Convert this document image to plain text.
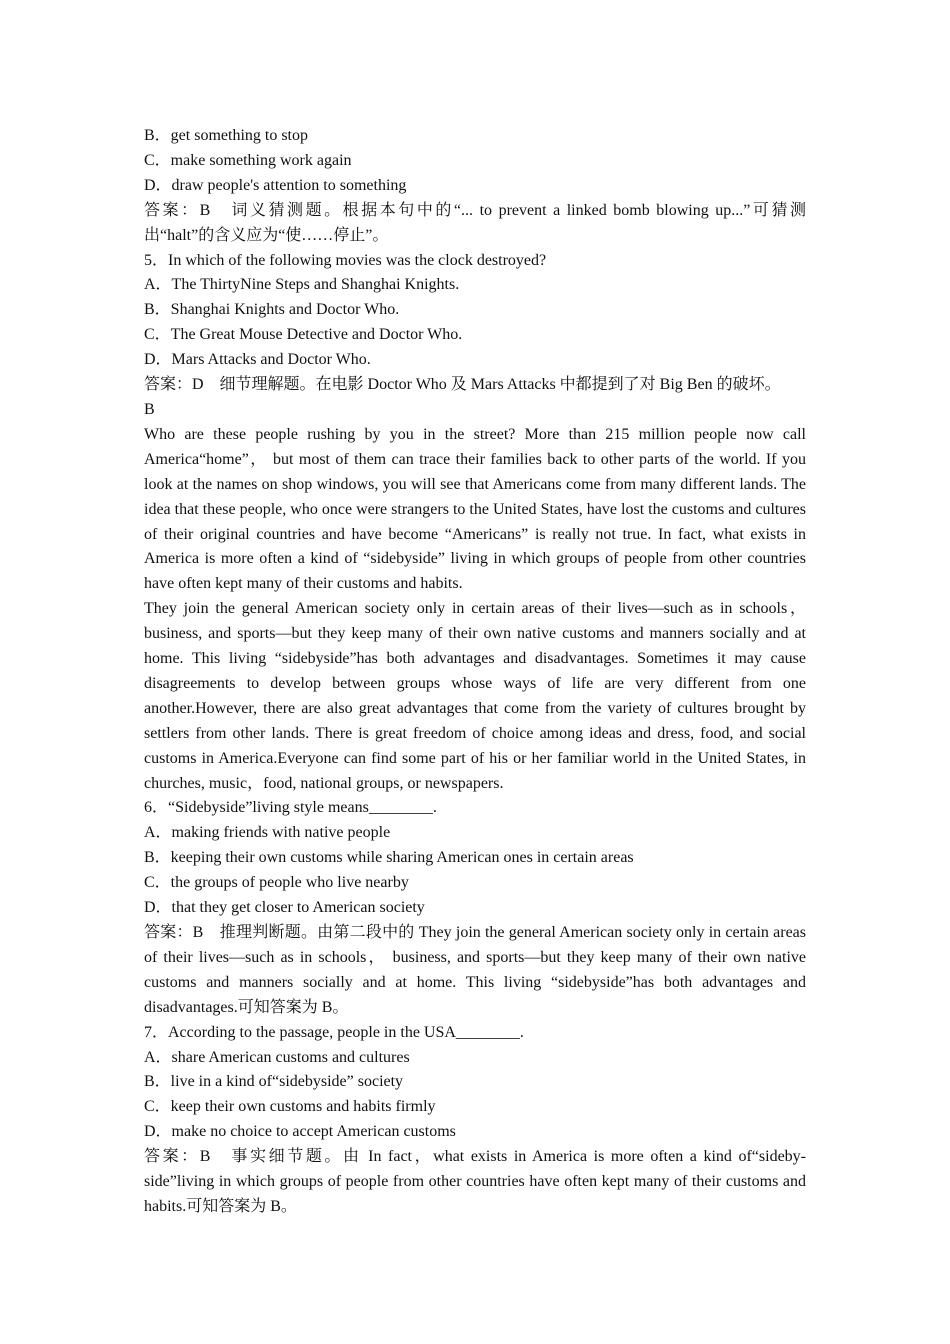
B．get something to stop

C．make something work again

D．draw people's attention to something

答案：B　词义猜测题。根据本句中的“... to prevent a linked bomb blowing up...”可猜测出“halt”的含义应为“使……停止”。

5．In which of the following movies was the clock destroyed?

A．The ThirtyNine Steps and Shanghai Knights.

B．Shanghai Knights and Doctor Who.

C．The Great Mouse Detective and Doctor Who.

D．Mars Attacks and Doctor Who.

答案：D　细节理解题。在电影 Doctor Who 及 Mars Attacks 中都提到了对 Big Ben 的破坏。

B

Who are these people rushing by you in the street? More than 215 million people now call America“home”， but most of them can trace their families back to other parts of the world. If you look at the names on shop windows, you will see that Americans come from many different lands. The idea that these people, who once were strangers to the United States, have lost the customs and cultures of their original countries and have become “Americans” is really not true. In fact, what exists in America is more often a kind of “sidebyside” living in which groups of people from other countries have often kept many of their customs and habits.

They join the general American society only in certain areas of their lives—such as in schools， business, and sports—but they keep many of their own native customs and manners socially and at home. This living “sidebyside”has both advantages and disadvantages. Sometimes it may cause disagreements to develop between groups whose ways of life are very different from one another.However, there are also great advantages that come from the variety of cultures brought by settlers from other lands. There is great freedom of choice among ideas and dress, food, and social customs in America.Everyone can find some part of his or her familiar world in the United States, in churches, music，food, national groups, or newspapers.

6．“Sidebyside”living style means________.

A．making friends with native people

B．keeping their own customs while sharing American ones in certain areas

C．the groups of people who live nearby

D．that they get closer to American society

答案：B　推理判断题。由第二段中的 They join the general American society only in certain areas of their lives—such as in schools， business, and sports—but they keep many of their own native customs and manners socially and at home. This living “sidebyside”has both advantages and disadvantages.可知答案为 B。

7．According to the passage, people in the USA________.

A．share American customs and cultures

B．live in a kind of“sidebyside” society

C．keep their own customs and habits firmly

D．make no choice to accept American customs

答案：B　事实细节题。由 In fact，what exists in America is more often a kind of“sideby-side”living in which groups of people from other countries have often kept many of their customs and habits.可知答案为 B。
